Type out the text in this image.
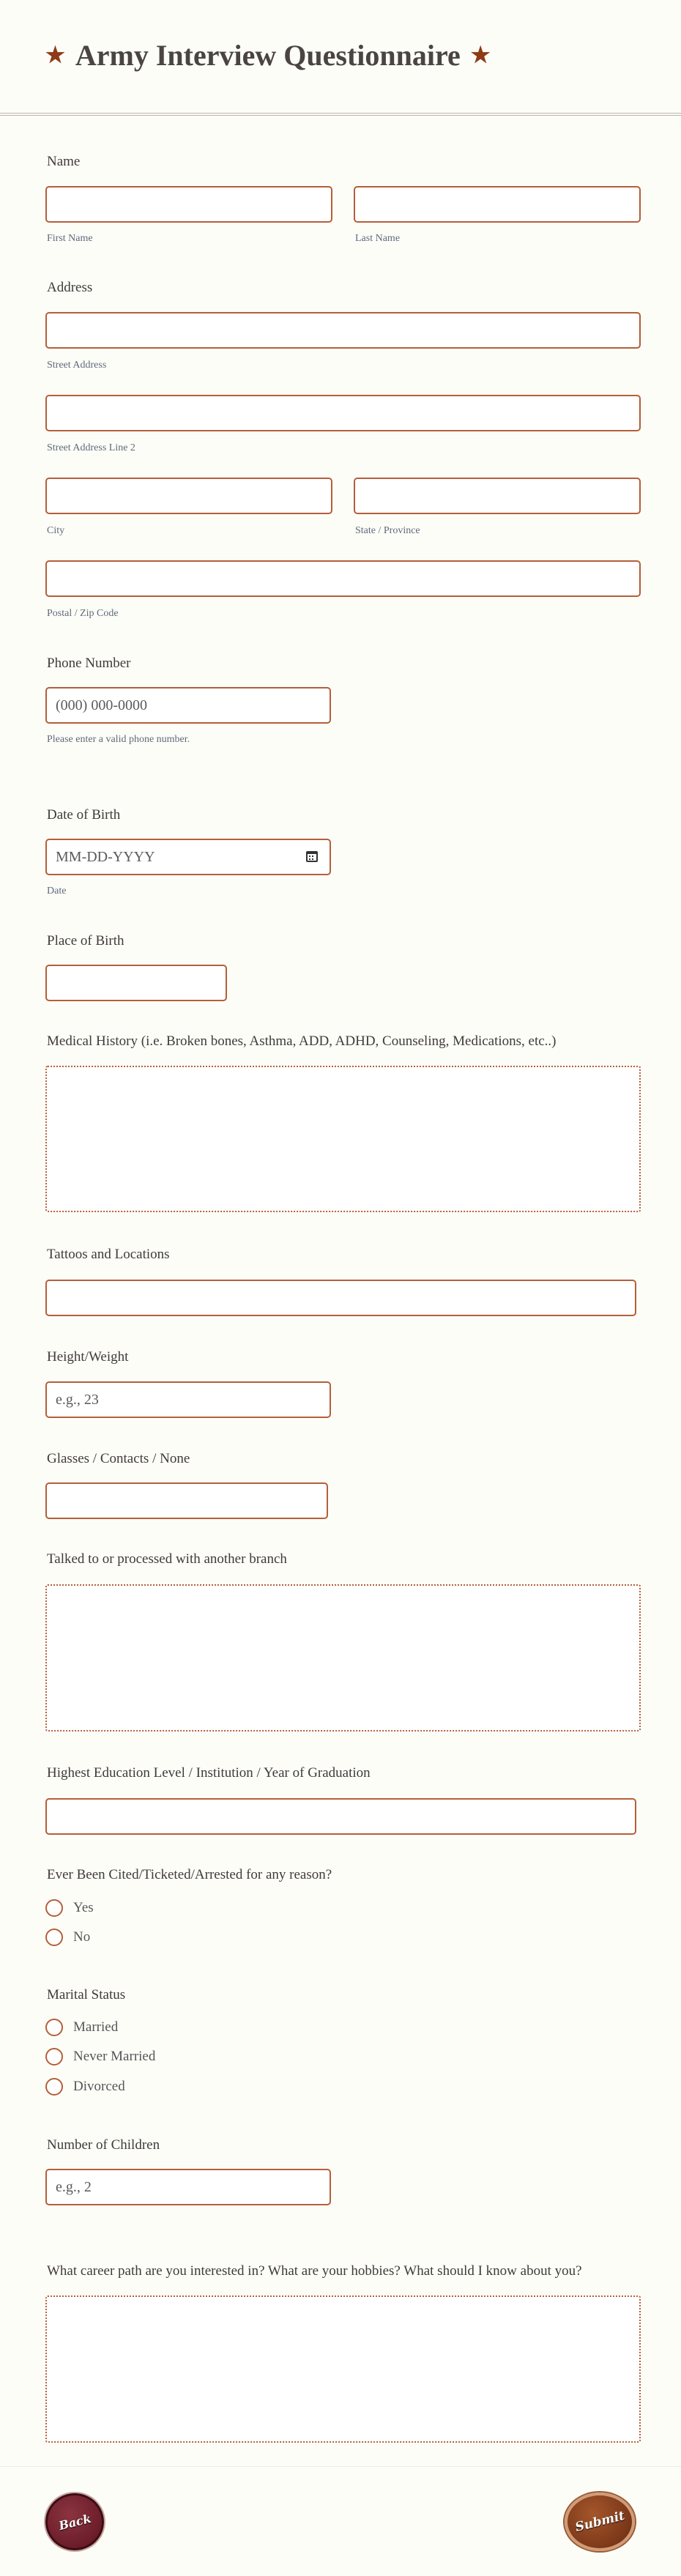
★ Army Interview Questionnaire ★
Name
First Name	Last Name
Address
Street Address
Street Address Line 2
City	State / Province
Postal / Zip Code
Phone Number
(000) 000-0000
Please enter a valid phone number.
Date of Birth
MM-DD-YYYY
Date
Place of Birth
Medical History (i.e. Broken bones, Asthma, ADD, ADHD, Counseling, Medications, etc..)
Tattoos and Locations
Height/Weight
e.g., 23
Glasses / Contacts / None
Talked to or processed with another branch
Highest Education Level / Institution / Year of Graduation
Ever Been Cited/Ticketed/Arrested for any reason?
Yes
No
Marital Status
Married
Never Married
Divorced
Number of Children
e.g., 2
What career path are you interested in? What are your hobbies? What should I know about you?
Back	Submit
